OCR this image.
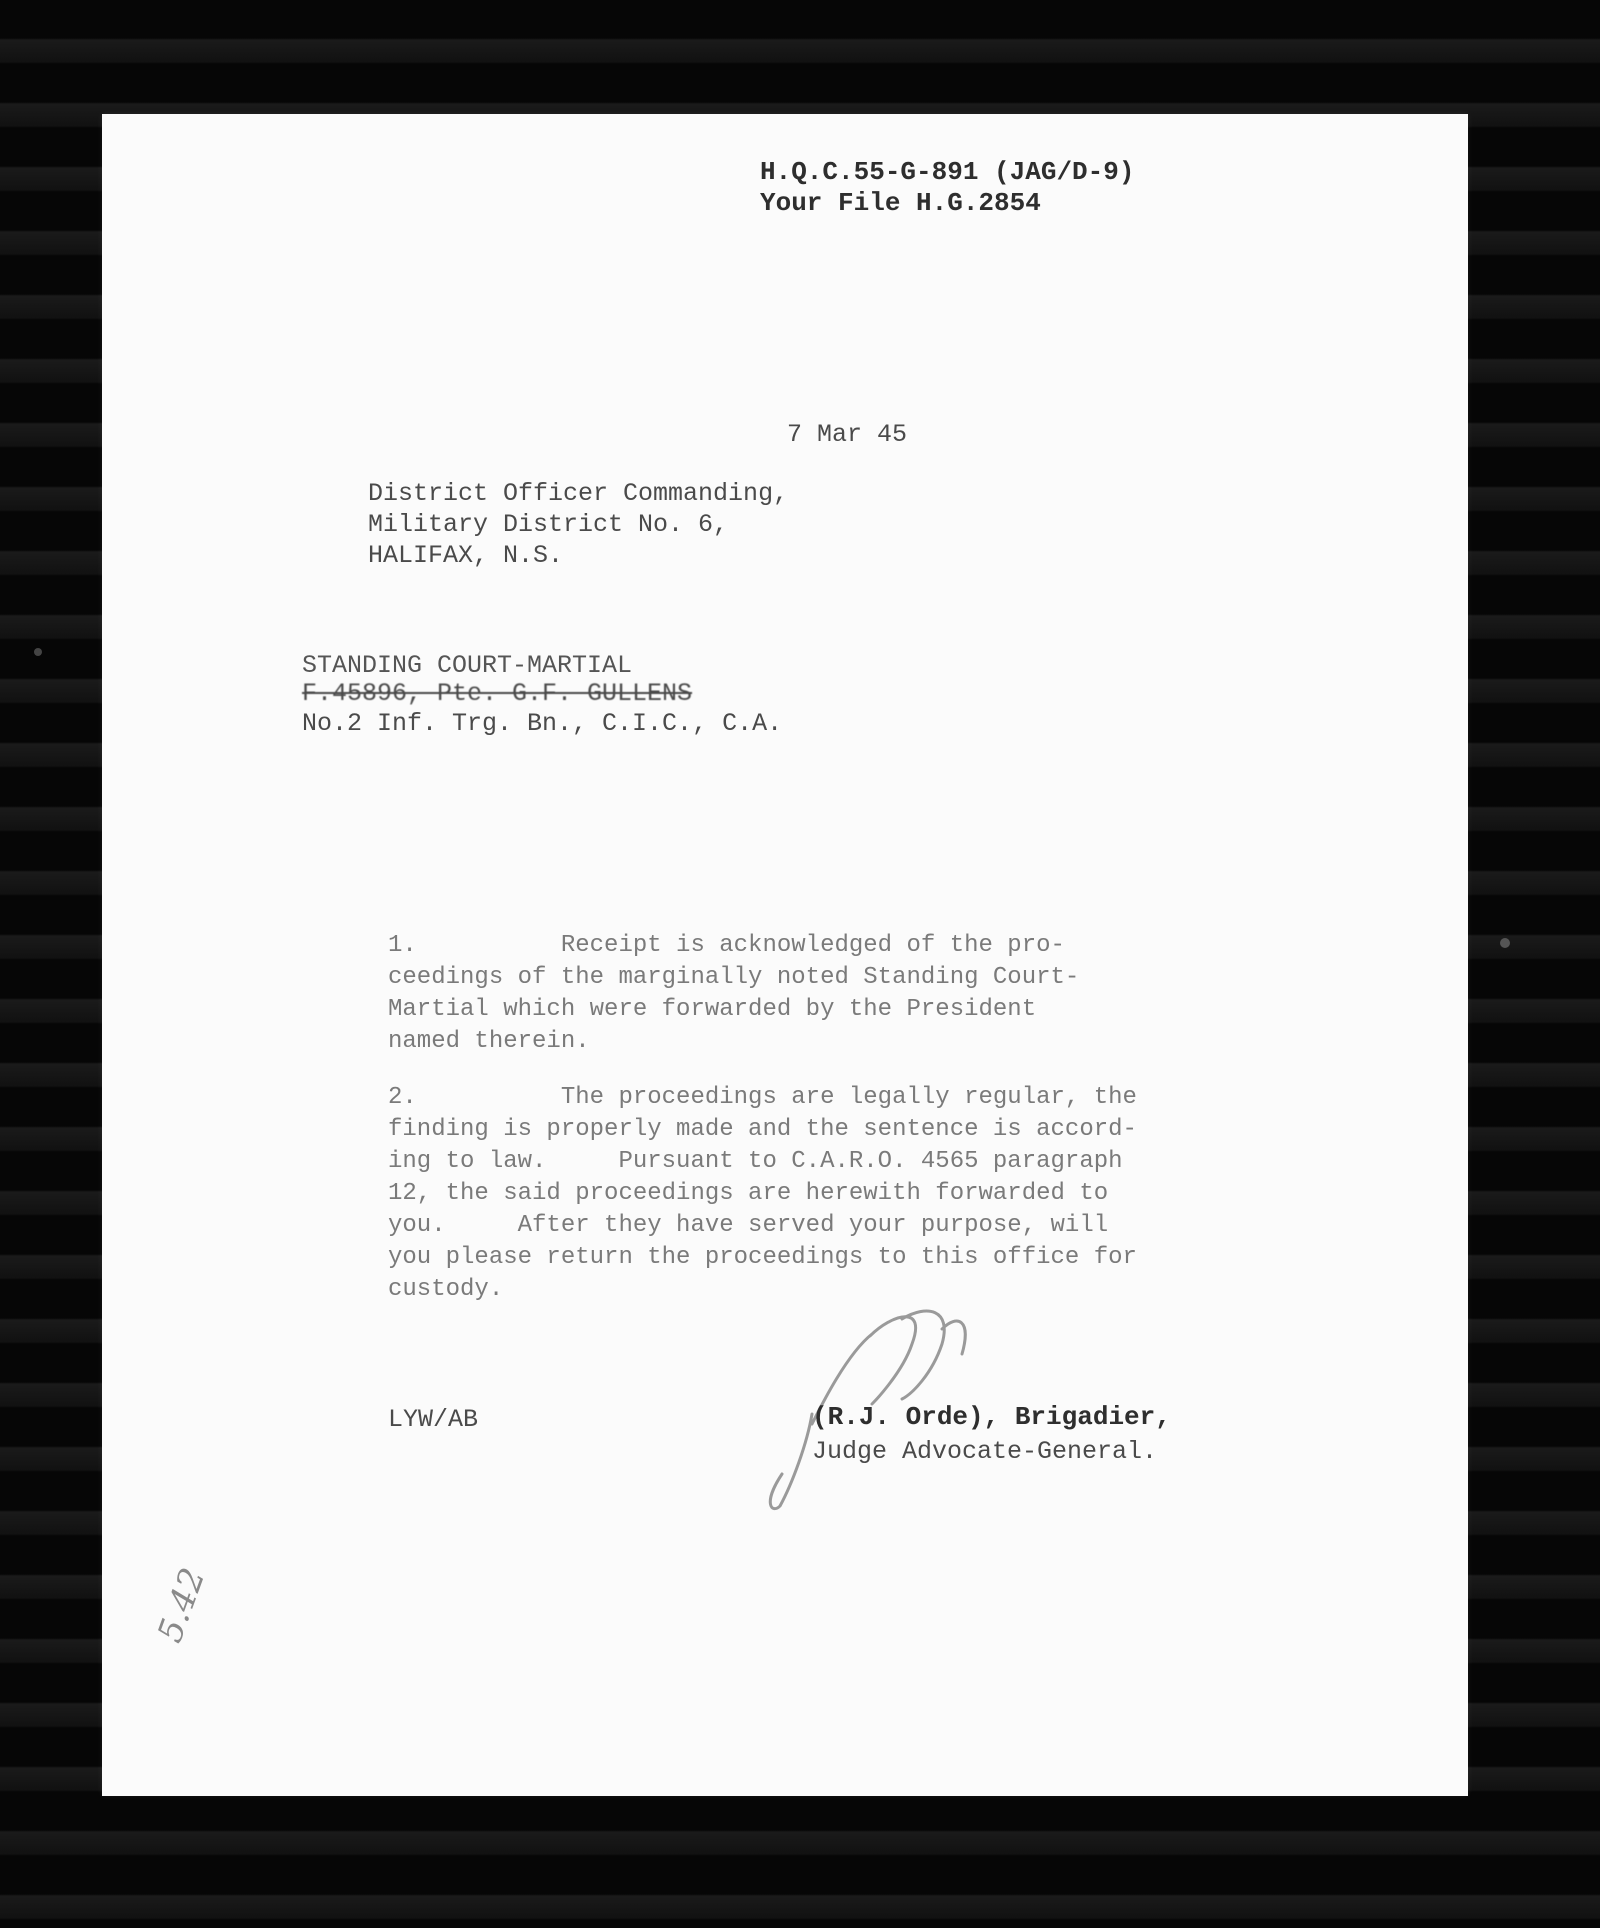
H.Q.C.55-G-891 (JAG/D-9)
Your File H.G.2854
7 Mar 45
District Officer Commanding,
Military District No. 6,
HALIFAX, N.S.
STANDING COURT-MARTIAL
F.45896, Pte. G.F. GULLENS
No.2 Inf. Trg. Bn., C.I.C., C.A.
1.          Receipt is acknowledged of the pro-
ceedings of the marginally noted Standing Court-
Martial which were forwarded by the President
named therein.
2.          The proceedings are legally regular, the
finding is properly made and the sentence is accord-
ing to law.     Pursuant to C.A.R.O. 4565 paragraph
12, the said proceedings are herewith forwarded to
you.     After they have served your purpose, will
you please return the proceedings to this office for
custody.
LYW/AB	(R.J. Orde), Brigadier,
Judge Advocate-General.
5.42
